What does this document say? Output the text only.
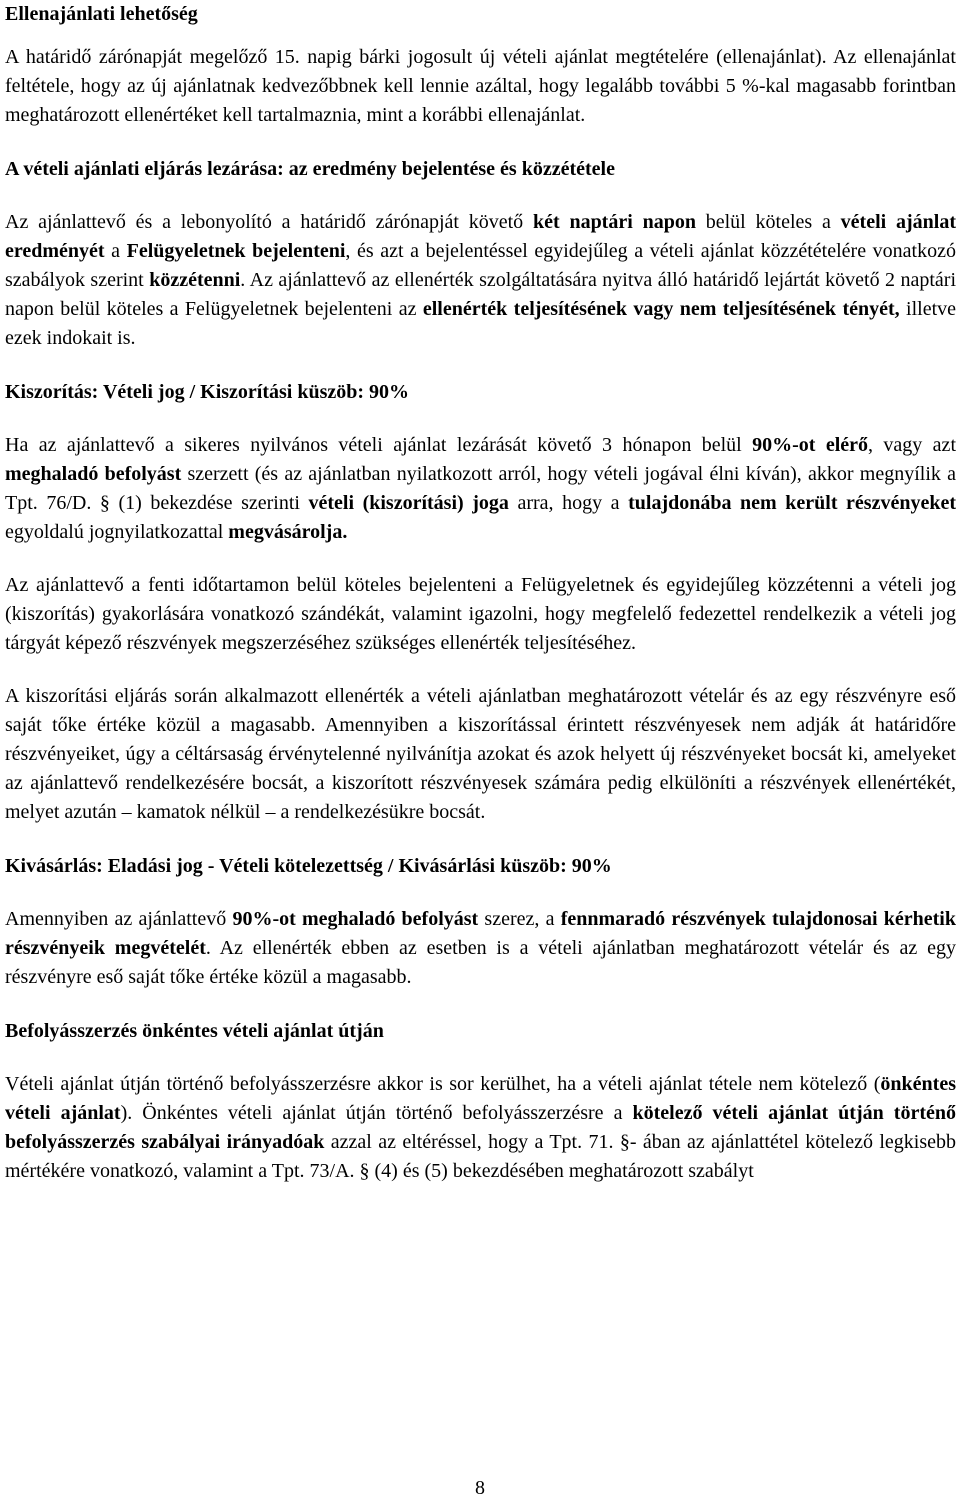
Ellenajánlati lehetőség

A határidő zárónapját megelőző 15. napig bárki jogosult új vételi ajánlat megtételére (ellenajánlat). Az ellenajánlat feltétele, hogy az új ajánlatnak kedvezőbbnek kell lennie azáltal, hogy legalább további 5 %-kal magasabb forintban meghatározott ellenértéket kell tartalmaznia, mint a korábbi ellenajánlat.

A vételi ajánlati eljárás lezárása: az eredmény bejelentése és közzététele

Az ajánlattevő és a lebonyolító a határidő zárónapját követő két naptári napon belül köteles a vételi ajánlat eredményét a Felügyeletnek bejelenteni, és azt a bejelentéssel egyidejűleg a vételi ajánlat közzétételére vonatkozó szabályok szerint közzétenni. Az ajánlattevő az ellenérték szolgáltatására nyitva álló határidő lejártát követő 2 naptári napon belül köteles a Felügyeletnek bejelenteni az ellenérték teljesítésének vagy nem teljesítésének tényét, illetve ezek indokait is.

Kiszorítás: Vételi jog / Kiszorítási küszöb: 90%

Ha az ajánlattevő a sikeres nyilvános vételi ajánlat lezárását követő 3 hónapon belül 90%-ot elérő, vagy azt meghaladó befolyást szerzett (és az ajánlatban nyilatkozott arról, hogy vételi jogával élni kíván), akkor megnyílik a Tpt. 76/D. § (1) bekezdése szerinti vételi (kiszorítási) joga arra, hogy a tulajdonába nem került részvényeket egyoldalú jognyilatkozattal megvásárolja.

Az ajánlattevő a fenti időtartamon belül köteles bejelenteni a Felügyeletnek és egyidejűleg közzétenni a vételi jog (kiszorítás) gyakorlására vonatkozó szándékát, valamint igazolni, hogy megfelelő fedezettel rendelkezik a vételi jog tárgyát képező részvények megszerzéséhez szükséges ellenérték teljesítéséhez.

A kiszorítási eljárás során alkalmazott ellenérték a vételi ajánlatban meghatározott vételár és az egy részvényre eső saját tőke értéke közül a magasabb. Amennyiben a kiszorítással érintett részvényesek nem adják át határidőre részvényeiket, úgy a céltársaság érvénytelenné nyilvánítja azokat és azok helyett új részvényeket bocsát ki, amelyeket az ajánlattevő rendelkezésére bocsát, a kiszorított részvényesek számára pedig elkülöníti a részvények ellenértékét, melyet azután – kamatok nélkül – a rendelkezésükre bocsát.

Kivásárlás: Eladási jog - Vételi kötelezettség / Kivásárlási küszöb: 90%

Amennyiben az ajánlattevő 90%-ot meghaladó befolyást szerez, a fennmaradó részvények tulajdonosai kérhetik részvényeik megvételét. Az ellenérték ebben az esetben is a vételi ajánlatban meghatározott vételár és az egy részvényre eső saját tőke értéke közül a magasabb.

Befolyásszerzés önkéntes vételi ajánlat útján

Vételi ajánlat útján történő befolyásszerzésre akkor is sor kerülhet, ha a vételi ajánlat tétele nem kötelező (önkéntes vételi ajánlat). Önkéntes vételi ajánlat útján történő befolyásszerzésre a kötelező vételi ajánlat útján történő befolyásszerzés szabályai irányadóak azzal az eltéréssel, hogy a Tpt. 71. §- ában az ajánlattétel kötelező legkisebb mértékére vonatkozó, valamint a Tpt. 73/A. § (4) és (5) bekezdésében meghatározott szabályt

8
